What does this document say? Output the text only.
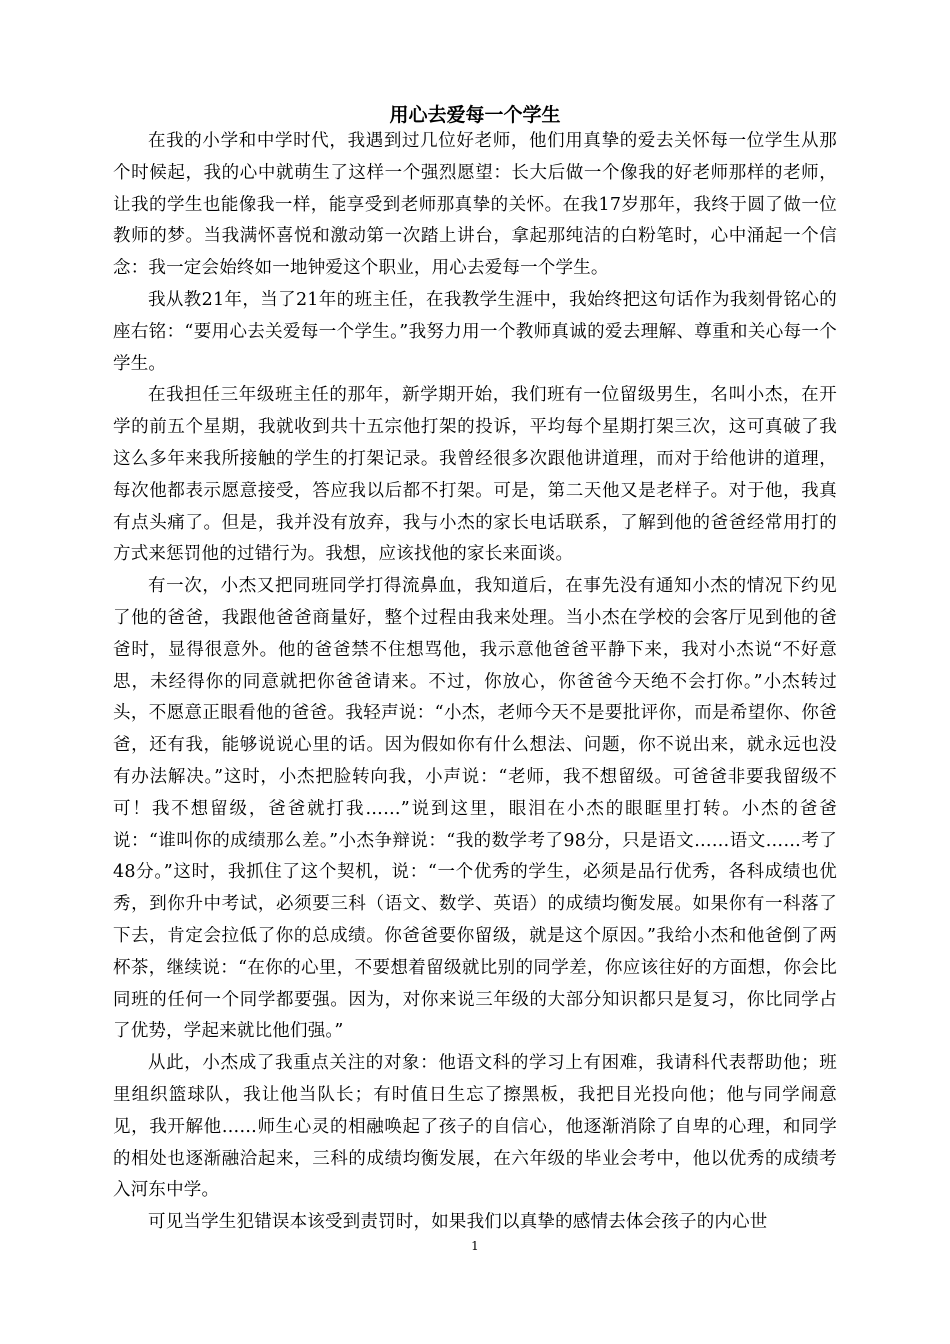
用心去爱每一个学生

在我的小学和中学时代，我遇到过几位好老师，他们用真挚的爱去关怀每一位学生从那个时候起，我的心中就萌生了这样一个强烈愿望：长大后做一个像我的好老师那样的老师，让我的学生也能像我一样，能享受到老师那真挚的关怀。在我17岁那年，我终于圆了做一位教师的梦。当我满怀喜悦和激动第一次踏上讲台，拿起那纯洁的白粉笔时，心中涌起一个信念：我一定会始终如一地钟爱这个职业，用心去爱每一个学生。

我从教21年，当了21年的班主任，在我教学生涯中，我始终把这句话作为我刻骨铭心的座右铭：“要用心去关爱每一个学生。”我努力用一个教师真诚的爱去理解、尊重和关心每一个学生。

在我担任三年级班主任的那年，新学期开始，我们班有一位留级男生，名叫小杰，在开学的前五个星期，我就收到共十五宗他打架的投诉，平均每个星期打架三次，这可真破了我这么多年来我所接触的学生的打架记录。我曾经很多次跟他讲道理，而对于给他讲的道理，每次他都表示愿意接受，答应我以后都不打架。可是，第二天他又是老样子。对于他，我真有点头痛了。但是，我并没有放弃，我与小杰的家长电话联系，了解到他的爸爸经常用打的方式来惩罚他的过错行为。我想，应该找他的家长来面谈。

有一次，小杰又把同班同学打得流鼻血，我知道后，在事先没有通知小杰的情况下约见了他的爸爸，我跟他爸爸商量好，整个过程由我来处理。当小杰在学校的会客厅见到他的爸爸时，显得很意外。他的爸爸禁不住想骂他，我示意他爸爸平静下来，我对小杰说“不好意思，未经得你的同意就把你爸爸请来。不过，你放心，你爸爸今天绝不会打你。”小杰转过头，不愿意正眼看他的爸爸。我轻声说：“小杰，老师今天不是要批评你，而是希望你、你爸爸，还有我，能够说说心里的话。因为假如你有什么想法、问题，你不说出来，就永远也没有办法解决。”这时，小杰把脸转向我，小声说：“老师，我不想留级。可爸爸非要我留级不可！我不想留级，爸爸就打我……”说到这里，眼泪在小杰的眼眶里打转。小杰的爸爸说：“谁叫你的成绩那么差。”小杰争辩说：“我的数学考了98分，只是语文……语文……考了48分。”这时，我抓住了这个契机，说：“一个优秀的学生，必须是品行优秀，各科成绩也优秀，到你升中考试，必须要三科（语文、数学、英语）的成绩均衡发展。如果你有一科落了下去，肯定会拉低了你的总成绩。你爸爸要你留级，就是这个原因。”我给小杰和他爸倒了两杯茶，继续说：“在你的心里，不要想着留级就比别的同学差，你应该往好的方面想，你会比同班的任何一个同学都要强。因为，对你来说三年级的大部分知识都只是复习，你比同学占了优势，学起来就比他们强。”

从此，小杰成了我重点关注的对象：他语文科的学习上有困难，我请科代表帮助他；班里组织篮球队，我让他当队长；有时值日生忘了擦黑板，我把目光投向他；他与同学闹意见，我开解他……师生心灵的相融唤起了孩子的自信心，他逐渐消除了自卑的心理，和同学的相处也逐渐融洽起来，三科的成绩均衡发展，在六年级的毕业会考中，他以优秀的成绩考入河东中学。

可见当学生犯错误本该受到责罚时，如果我们以真挚的感情去体会孩子的内心世

1
